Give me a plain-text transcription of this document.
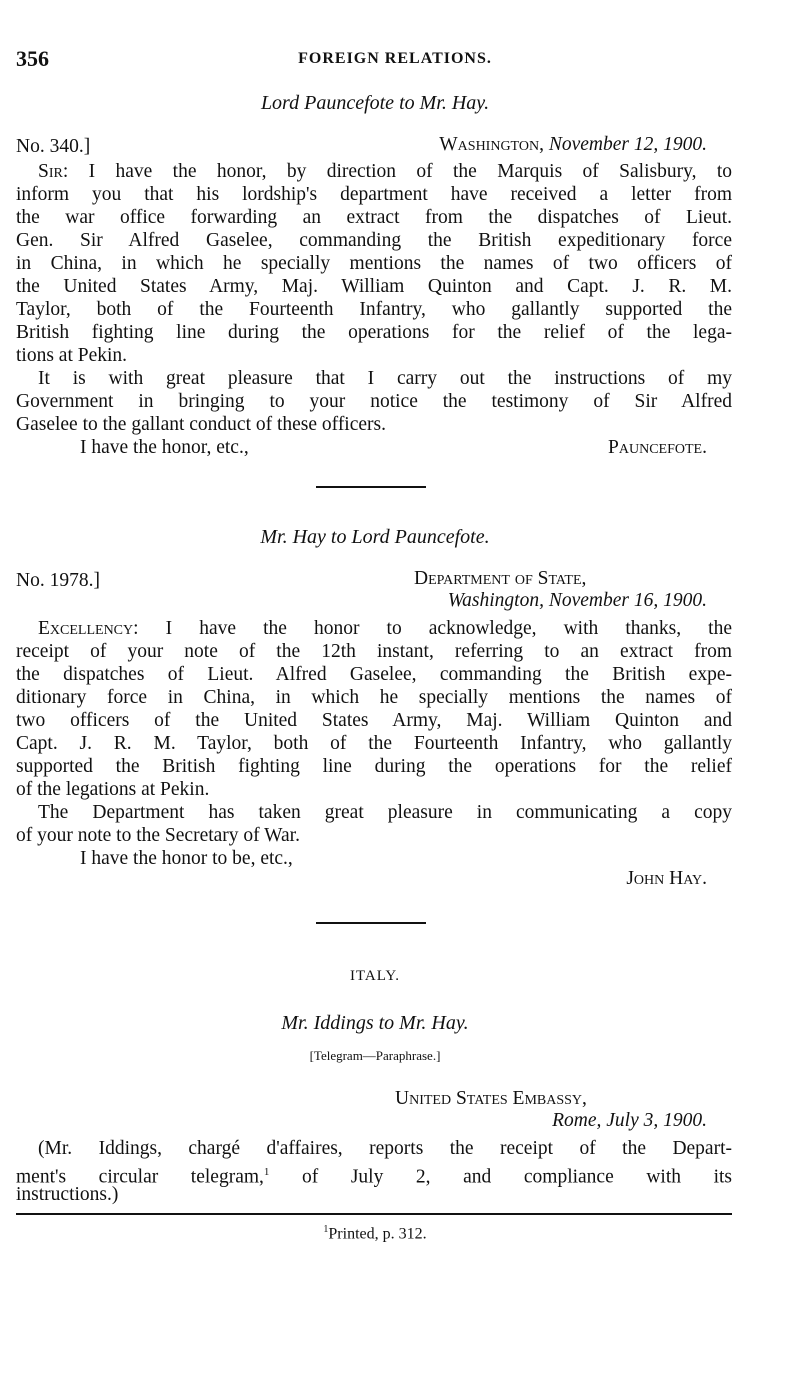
356	FOREIGN RELATIONS.
Lord Pauncefote to Mr. Hay.
No. 340.]	Washington, November 12, 1900.
Sir: I have the honor, by direction of the Marquis of Salisbury, to
inform you that his lordship's department have received a letter from
the war office forwarding an extract from the dispatches of Lieut.
Gen. Sir Alfred Gaselee, commanding the British expeditionary force
in China, in which he specially mentions the names of two officers of
the United States Army, Maj. William Quinton and Capt. J. R. M.
Taylor, both of the Fourteenth Infantry, who gallantly supported the
British fighting line during the operations for the relief of the lega-
tions at Pekin.
It is with great pleasure that I carry out the instructions of my
Government in bringing to your notice the testimony of Sir Alfred
Gaselee to the gallant conduct of these officers.
I have the honor, etc.,	Pauncefote.
Mr. Hay to Lord Pauncefote.
No. 1978.]	Department of State,
Washington, November 16, 1900.
Excellency: I have the honor to acknowledge, with thanks, the
receipt of your note of the 12th instant, referring to an extract from
the dispatches of Lieut. Alfred Gaselee, commanding the British expe-
ditionary force in China, in which he specially mentions the names of
two officers of the United States Army, Maj. William Quinton and
Capt. J. R. M. Taylor, both of the Fourteenth Infantry, who gallantly
supported the British fighting line during the operations for the relief
of the legations at Pekin.
The Department has taken great pleasure in communicating a copy
of your note to the Secretary of War.
I have the honor to be, etc.,
John Hay.
ITALY.
Mr. Iddings to Mr. Hay.
[Telegram—Paraphrase.]
United States Embassy,
Rome, July 3, 1900.
(Mr. Iddings, chargé d'affaires, reports the receipt of the Depart-
ment's circular telegram,$^1$ of July 2, and compliance with its
instructions.)
$^1$Printed, p. 312.
